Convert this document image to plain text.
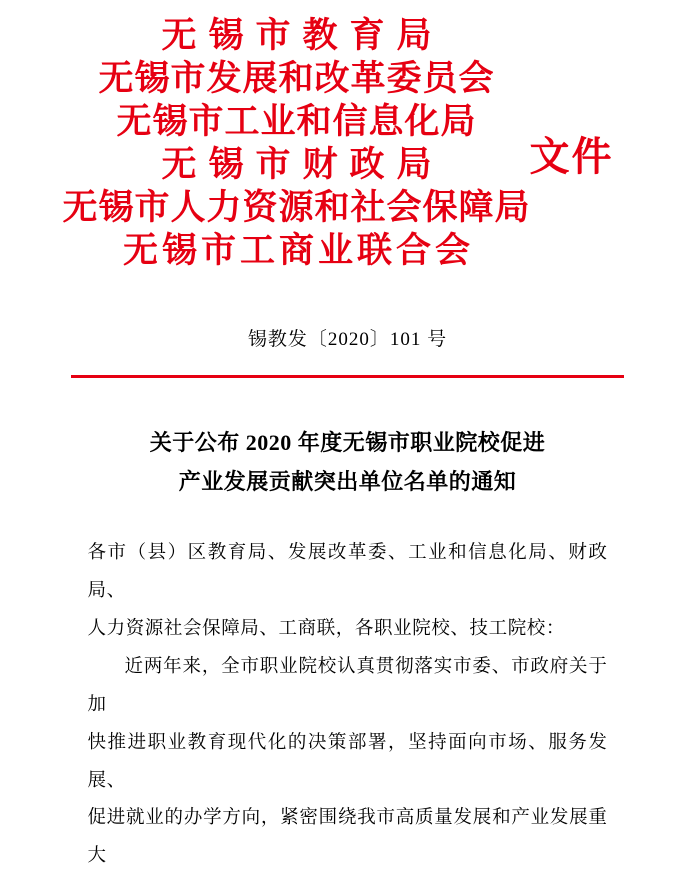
无锡市教育局
无锡市发展和改革委员会
无锡市工业和信息化局
无锡市财政局
无锡市人力资源和社会保障局
无锡市工商业联合会
文件
锡教发〔2020〕101 号
关于公布 2020 年度无锡市职业院校促进
产业发展贡献突出单位名单的通知

各市（县）区教育局、发展改革委、工业和信息化局、财政局、

人力资源社会保障局、工商联，各职业院校、技工院校：

近两年来，全市职业院校认真贯彻落实市委、市政府关于加

快推进职业教育现代化的决策部署，坚持面向市场、服务发展、

促进就业的办学方向，紧密围绕我市高质量发展和产业发展重大
